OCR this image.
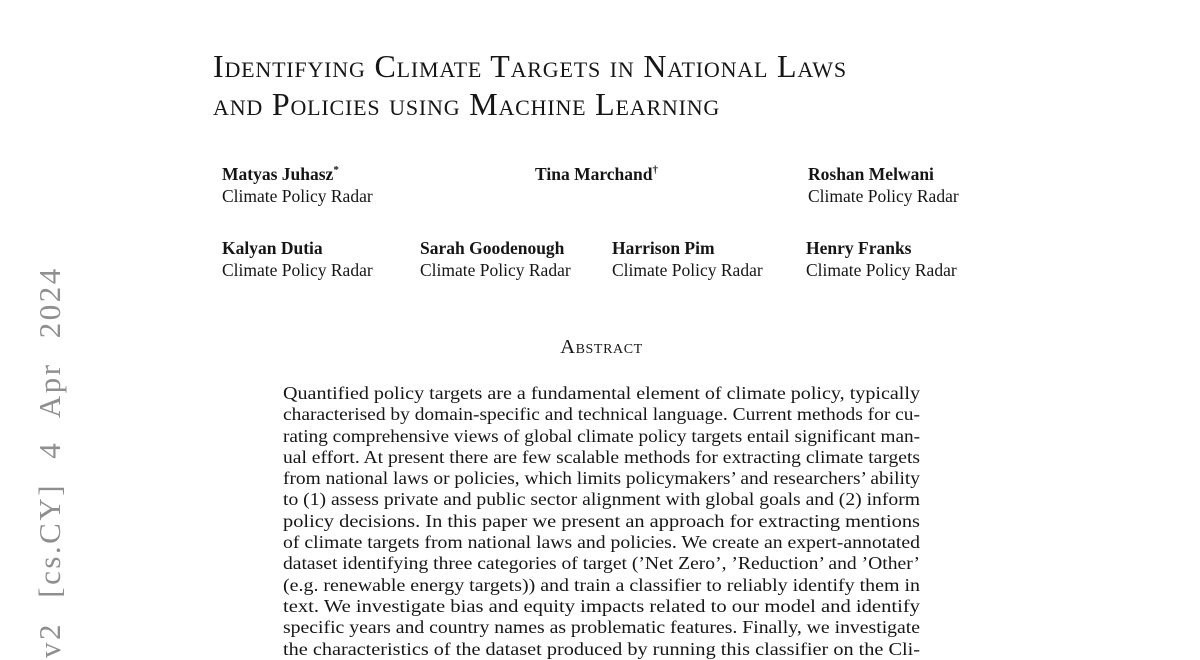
v2 [cs.CY] 4 Apr 2024
Identifying Climate Targets in National Laws
and Policies using Machine Learning
Matyas Juhasz*
Climate Policy Radar
Tina Marchand†	Roshan Melwani
Climate Policy Radar
Kalyan Dutia
Climate Policy Radar
Sarah Goodenough
Climate Policy Radar
Harrison Pim
Climate Policy Radar
Henry Franks
Climate Policy Radar
Abstract
Quantified policy targets are a fundamental element of climate policy, typically
characterised by domain-specific and technical language. Current methods for cu-
rating comprehensive views of global climate policy targets entail significant man-
ual effort. At present there are few scalable methods for extracting climate targets
from national laws or policies, which limits policymakers’ and researchers’ ability
to (1) assess private and public sector alignment with global goals and (2) inform
policy decisions. In this paper we present an approach for extracting mentions
of climate targets from national laws and policies. We create an expert-annotated
dataset identifying three categories of target (’Net Zero’, ’Reduction’ and ’Other’
(e.g. renewable energy targets)) and train a classifier to reliably identify them in
text. We investigate bias and equity impacts related to our model and identify
specific years and country names as problematic features. Finally, we investigate
the characteristics of the dataset produced by running this classifier on the Cli-
